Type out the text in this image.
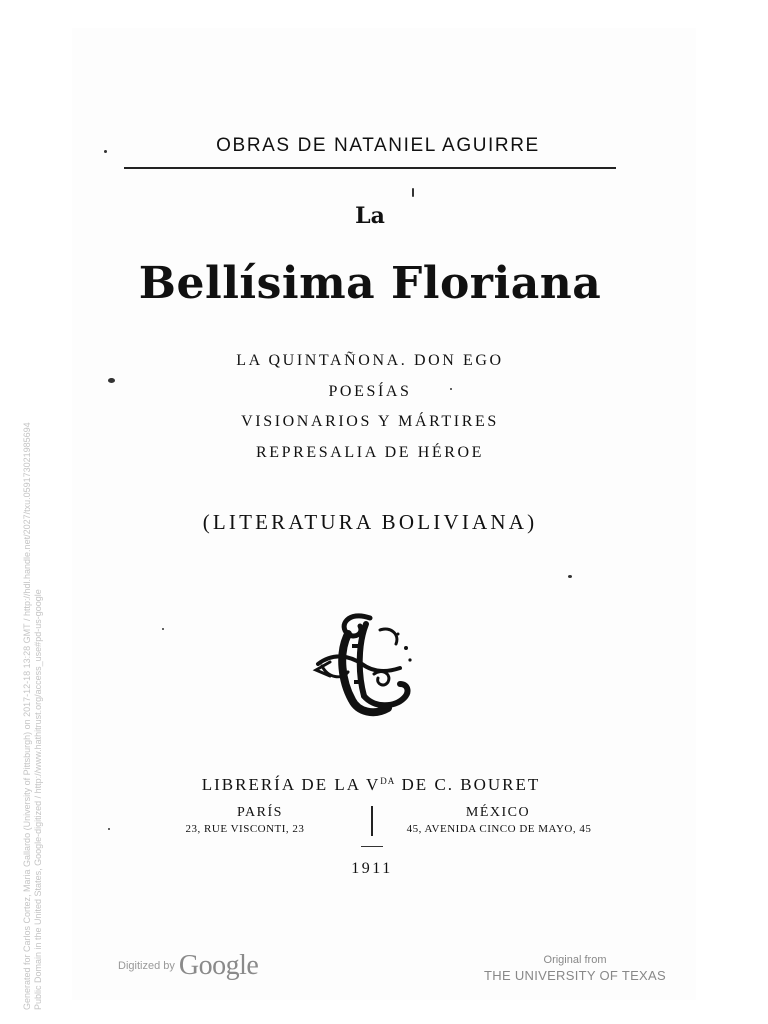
Generated for Carlos Cortez, Maria Gallardo (University of Pittsburgh) on 2017-12-18 13:28 GMT / http://hdl.handle.net/2027/txu.059173021985694 Public Domain in the United States, Google-digitized / http://www.hathitrust.org/access_use#pd-us-google
OBRAS DE NATANIEL AGUIRRE
La
Bellísima Floriana
LA QUINTAÑONA. DON EGO
POESÍAS
VISIONARIOS Y MÁRTIRES
REPRESALIA DE HÉROE
(LITERATURA BOLIVIANA)
LIBRERÍA DE LA $V^{DA}$ DE C. BOURET
PARÍS
23, RUE VISCONTI, 23
MÉXICO
45, AVENIDA CINCO DE MAYO, 45
1911
$^{Digitized by}$ Google	Original from
THE UNIVERSITY OF TEXAS
